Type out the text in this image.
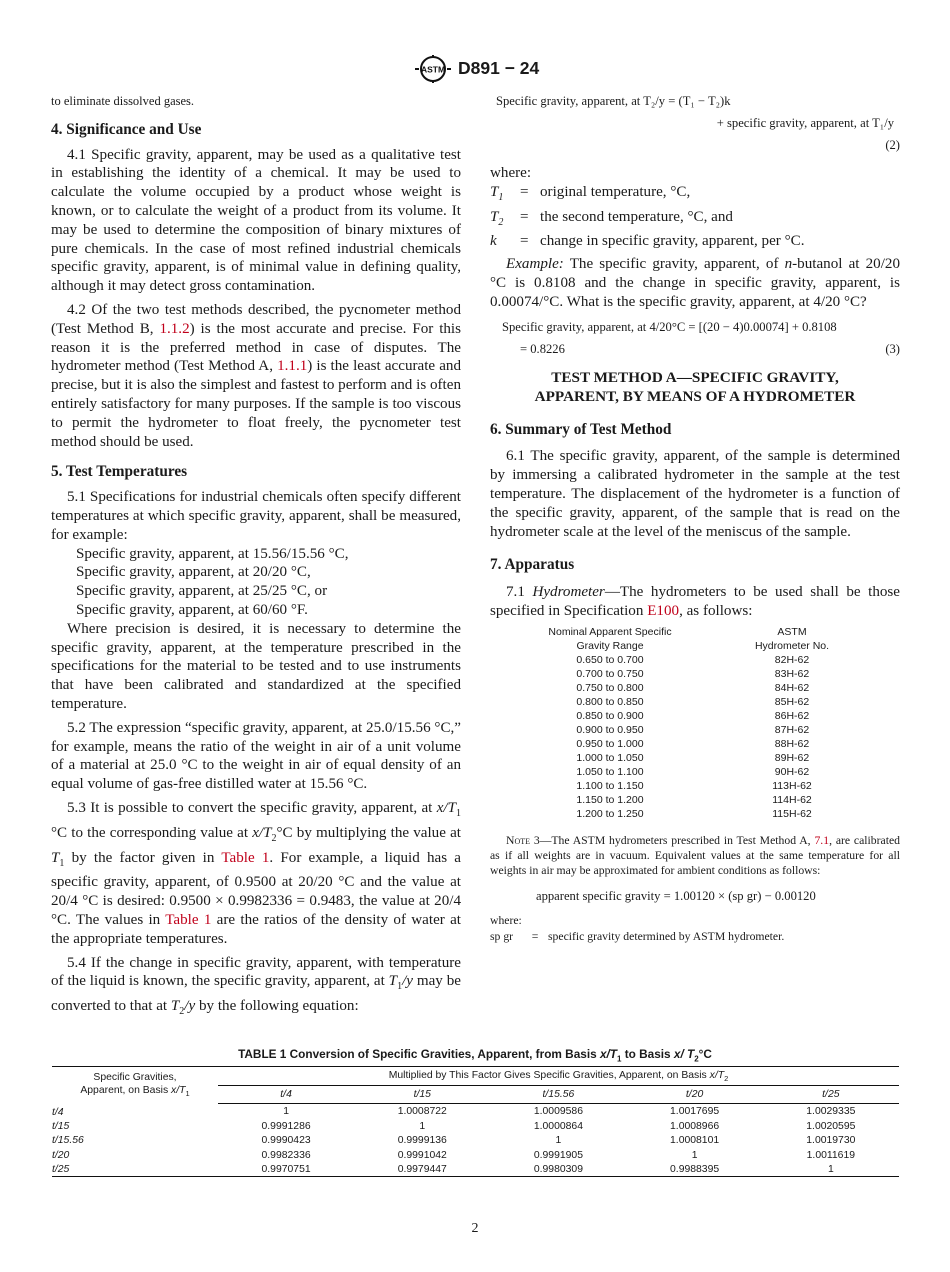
ASTM D891 − 24

to eliminate dissolved gases.

4. Significance and Use

4.1 Specific gravity, apparent, may be used as a qualitative test in establishing the identity of a chemical. It may be used to calculate the volume occupied by a product whose weight is known, or to calculate the weight of a product from its volume. It may be used to determine the composition of binary mixtures of pure chemicals. In the case of most refined industrial chemicals specific gravity, apparent, is of minimal value in defining quality, although it may detect gross contamination.

4.2 Of the two test methods described, the pycnometer method (Test Method B, 1.1.2) is the most accurate and precise. For this reason it is the preferred method in case of disputes. The hydrometer method (Test Method A, 1.1.1) is the least accurate and precise, but it is also the simplest and fastest to perform and is often entirely satisfactory for many purposes. If the sample is too viscous to permit the hydrometer to float freely, the pycnometer test method should be used.

5. Test Temperatures

5.1 Specifications for industrial chemicals often specify different temperatures at which specific gravity, apparent, shall be measured, for example:

Specific gravity, apparent, at 15.56/15.56 °C,
Specific gravity, apparent, at 20/20 °C,
Specific gravity, apparent, at 25/25 °C, or
Specific gravity, apparent, at 60/60 °F.

Where precision is desired, it is necessary to determine the specific gravity, apparent, at the temperature prescribed in the specifications for the material to be tested and to use instruments that have been calibrated and standardized at the specified temperature.

5.2 The expression “specific gravity, apparent, at 25.0/15.56 °C,” for example, means the ratio of the weight in air of a unit volume of a material at 25.0 °C to the weight in air of equal density of an equal volume of gas-free distilled water at 15.56 °C.

5.3 It is possible to convert the specific gravity, apparent, at $x/T_1$ °C to the corresponding value at $x/T_2^\circ C$ by multiplying the value at $T_1$ by the factor given in Table 1. For example, a liquid has a specific gravity, apparent, of 0.9500 at 20/20 °C and the value at 20/4 °C is desired: 0.9500 × 0.9982336 = 0.9483, the value at 20/4 °C. The values in Table 1 are the ratios of the density of water at the appropriate temperatures.

5.4 If the change in specific gravity, apparent, with temperature of the liquid is known, the specific gravity, apparent, at $T_1/y$ may be converted to that at $T_2/y$ by the following equation:

Specific gravity, apparent, at T₂/y = (T₁ − T₂)k
+ specific gravity, apparent, at T₁/y
(2)

where:

$T_1$	= original temperature, °C,
$T_2$	= the second temperature, °C, and
k	= change in specific gravity, apparent, per °C.

Example: The specific gravity, apparent, of n-butanol at 20/20 °C is 0.8108 and the change in specific gravity, apparent, is 0.00074/°C. What is the specific gravity, apparent, at 4/20 °C?

Specific gravity, apparent, at 4/20°C = [(20 − 4)0.00074] + 0.8108
= 0.8226	(3)
TEST METHOD A—SPECIFIC GRAVITY,
APPARENT, BY MEANS OF A HYDROMETER
6. Summary of Test Method

6.1 The specific gravity, apparent, of the sample is determined by immersing a calibrated hydrometer in the sample at the test temperature. The displacement of the hydrometer is a function of the specific gravity, apparent, of the sample that is read on the hydrometer scale at the level of the meniscus of the sample.

7. Apparatus

7.1 Hydrometer—The hydrometers to be used shall be those specified in Specification E100, as follows:

Nominal Apparent Specific	ASTM
Gravity Range	Hydrometer No.
0.650 to 0.700	82H-62
0.700 to 0.750	83H-62
0.750 to 0.800	84H-62
0.800 to 0.850	85H-62
0.850 to 0.900	86H-62
0.900 to 0.950	87H-62
0.950 to 1.000	88H-62
1.000 to 1.050	89H-62
1.050 to 1.100	90H-62
1.100 to 1.150	113H-62
1.150 to 1.200	114H-62
1.200 to 1.250	115H-62

Note 3—The ASTM hydrometers prescribed in Test Method A, 7.1, are calibrated as if all weights are in vacuum. Equivalent values at the same temperature for all weights in air may be approximated for ambient conditions as follows:

apparent specific gravity = 1.00120 × (sp gr) − 0.00120
where:
sp gr	= specific gravity determined by ASTM hydrometer.
TABLE 1 Conversion of Specific Gravities, Apparent, from Basis $x/T_1$ to Basis x/ $T_2^\circ C$
Specific Gravities,
Apparent, on Basis $x/T_1$	Multiplied by This Factor Gives Specific Gravities, Apparent, on Basis $x/T_2$
	t/4	t/15	t/15.56	t/20	t/25
t/4	1	1.0008722	1.0009586	1.0017695	1.0029335
t/15	0.9991286	1	1.0000864	1.0008966	1.0020595
t/15.56	0.9990423	0.9999136	1	1.0008101	1.0019730
t/20	0.9982336	0.9991042	0.9991905	1	1.0011619
t/25	0.9970751	0.9979447	0.9980309	0.9988395	1
2
